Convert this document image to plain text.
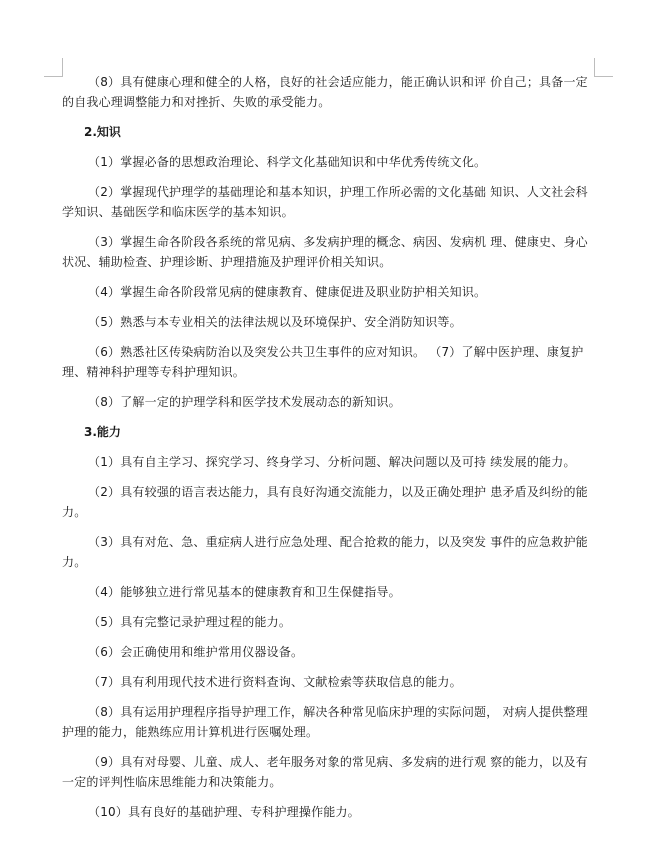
（8）具有健康心理和健全的人格，良好的社会适应能力，能正确认识和评 价自己；具备一定的自我心理调整能力和对挫折、失败的承受能力。

2.知识

（1）掌握必备的思想政治理论、科学文化基础知识和中华优秀传统文化。

（2）掌握现代护理学的基础理论和基本知识，护理工作所必需的文化基础 知识、人文社会科学知识、基础医学和临床医学的基本知识。

（3）掌握生命各阶段各系统的常见病、多发病护理的概念、病因、发病机 理、健康史、身心状况、辅助检查、护理诊断、护理措施及护理评价相关知识。

（4）掌握生命各阶段常见病的健康教育、健康促进及职业防护相关知识。

（5）熟悉与本专业相关的法律法规以及环境保护、安全消防知识等。

（6）熟悉社区传染病防治以及突发公共卫生事件的应对知识。 （7）了解中医护理、康复护理、精神科护理等专科护理知识。

（8）了解一定的护理学科和医学技术发展动态的新知识。

3.能力

（1）具有自主学习、探究学习、终身学习、分析问题、解决问题以及可持 续发展的能力。

（2）具有较强的语言表达能力，具有良好沟通交流能力，以及正确处理护 患矛盾及纠纷的能力。

（3）具有对危、急、重症病人进行应急处理、配合抢救的能力，以及突发 事件的应急救护能力。

（4）能够独立进行常见基本的健康教育和卫生保健指导。

（5）具有完整记录护理过程的能力。

（6）会正确使用和维护常用仪器设备。

（7）具有利用现代技术进行资料查询、文献检索等获取信息的能力。

（8）具有运用护理程序指导护理工作，解决各种常见临床护理的实际问题， 对病人提供整理护理的能力，能熟练应用计算机进行医嘱处理。

（9）具有对母婴、儿童、成人、老年服务对象的常见病、多发病的进行观 察的能力，以及有一定的评判性临床思维能力和决策能力。

（10）具有良好的基础护理、专科护理操作能力。
